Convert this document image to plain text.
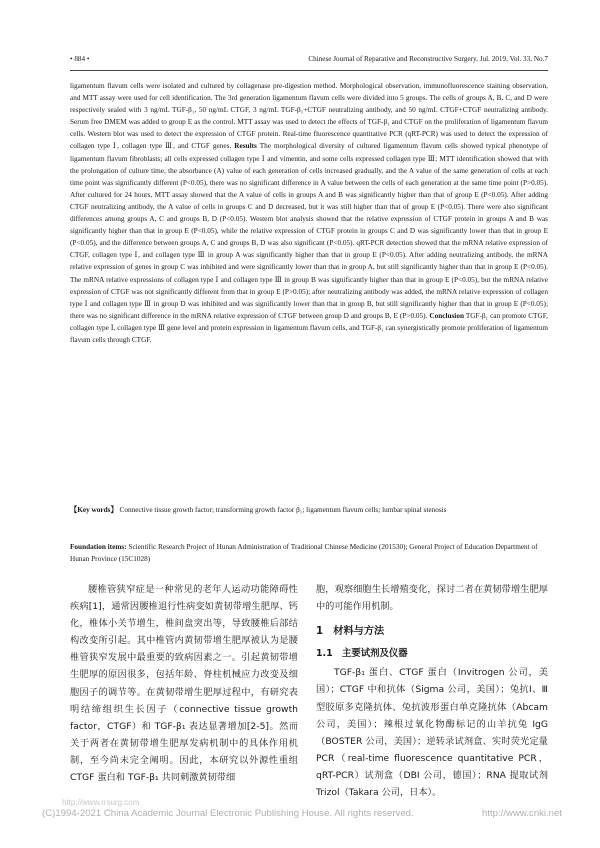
• 884 •	Chinese Journal of Reparative and Reconstructive Surgery, Jul. 2019, Vol. 33, No.7
ligamentum flavum cells were isolated and cultured by collagenase pre-digestion method. Morphological observation, immunofluorescence staining observation, and MTT assay were used for cell identification. The 3rd generation ligamentum flavum cells were divided into 5 groups. The cells of groups A, B, C, and D were respectively sealed with 3 ng/mL TGF-β₁, 50 ng/mL CTGF, 3 ng/mL TGF-β₁+CTGF neutralizing antibody, and 50 ng/mL CTGF+CTGF neutralizing antibody. Serum free DMEM was added to group E as the control. MTT assay was used to detect the effects of TGF-β₁ and CTGF on the proliferation of ligamentum flavum cells. Western blot was used to detect the expression of CTGF protein. Real-time fluorescence quantitative PCR (qRT-PCR) was used to detect the expression of collagen type Ⅰ, collagen type Ⅲ, and CTGF genes. Results The morphological diversity of cultured ligamentum flavum cells showed typical phenotype of ligamentum flavum fibroblasts; all cells expressed collagen type Ⅰ and vimentin, and some cells expressed collagen type Ⅲ; MTT identification showed that with the prolongation of culture time, the absorbance (A) value of each generation of cells increased gradually, and the A value of the same generation of cells at each time point was significantly different (P<0.05), there was no significant difference in A value between the cells of each generation at the same time point (P>0.05). After cultured for 24 hours, MTT assay showed that the A value of cells in groups A and B was significantly higher than that of group E (P<0.05). After adding CTGF neutralizing antibody, the A value of cells in groups C and D decreased, but it was still higher than that of group E (P<0.05). There were also significant differences among groups A, C and groups B, D (P<0.05). Western blot analysis showed that the relative expression of CTGF protein in groups A and B was significantly higher than that in group E (P<0.05), while the relative expression of CTGF protein in groups C and D was significantly lower than that in group E (P<0.05), and the difference between groups A, C and groups B, D was also significant (P<0.05). qRT-PCR detection showed that the mRNA relative expression of CTGF, collagen type Ⅰ, and collagen type Ⅲ in group A was significantly higher than that in group E (P<0.05). After adding neutralizing antibody, the mRNA relative expression of genes in group C was inhibited and were significantly lower than that in group A, but still significantly higher than that in group E (P<0.05). The mRNA relative expressions of collagen type Ⅰ and collagen type Ⅲ in group B was significantly higher than that in group E (P<0.05), but the mRNA relative expression of CTGF was not significantly different from that in group E (P>0.05); after neutralizing antibody was added, the mRNA relative expression of collagen type Ⅰ and collagen type Ⅲ in group D was inhibited and was significantly lower than that in group B, but still significantly higher than that in group E (P<0.05); there was no significant difference in the mRNA relative expression of CTGF between group D and groups B, E (P>0.05). Conclusion TGF-β₁ can promote CTGF, collagen type Ⅰ, collagen type Ⅲ gene level and protein expression in ligamentum flavum cells, and TGF-β₁ can synergistically promote proliferation of ligamentum flavum cells through CTGF.
【Key words】 Connective tissue growth factor; transforming growth factor β₁; ligamentum flavum cells; lumbar spinal stenosis
Foundation items: Scientific Research Project of Hunan Administration of Traditional Chinese Medicine (201530); General Project of Education Department of Hunan Province (15C1028)
腰椎管狭窄症是一种常见的老年人运动功能障碍性疾病[1]，通常因腰椎退行性病变如黄韧带增生肥厚、钙化，椎体小关节增生，椎间盘突出等，导致腰椎后部结构改变所引起。其中椎管内黄韧带增生肥厚被认为是腰椎管狭窄发展中最重要的致病因素之一。引起黄韧带增生肥厚的原因很多，包括年龄、脊柱机械应力改变及细胞因子的调节等。在黄韧带增生肥厚过程中，有研究表明结缔组织生长因子（connective tissue growth factor，CTGF）和 TGF-β₁ 表达显著增加[2-5]。然而关于两者在黄韧带增生肥厚发病机制中的具体作用机制，至今尚未完全阐明。因此，本研究以外源性重组 CTGF 蛋白和 TGF-β₁ 共同刺激黄韧带细
胞，观察细胞生长增殖变化，探讨二者在黄韧带增生肥厚中的可能作用机制。
1　材料与方法
1.1　主要试剂及仪器
TGF-β₁ 蛋白、CTGF 蛋白（Invitrogen 公司，美国）；CTGF 中和抗体（Sigma 公司，美国）；兔抗Ⅰ、Ⅲ型胶原多克隆抗体、兔抗波形蛋白单克隆抗体（Abcam 公司，美国）；辣根过氧化物酶标记的山羊抗兔 IgG（BOSTER 公司，美国）；逆转录试剂盒、实时荧光定量 PCR（real-time fluorescence quantitative PCR，qRT-PCR）试剂盒（DBI 公司，德国）；RNA 提取试剂 Trizol（Takara 公司，日本）。
http://www.rrsurg.com
(C)1994-2021 China Academic Journal Electronic Publishing House. All rights reserved.	http://www.cnki.net
